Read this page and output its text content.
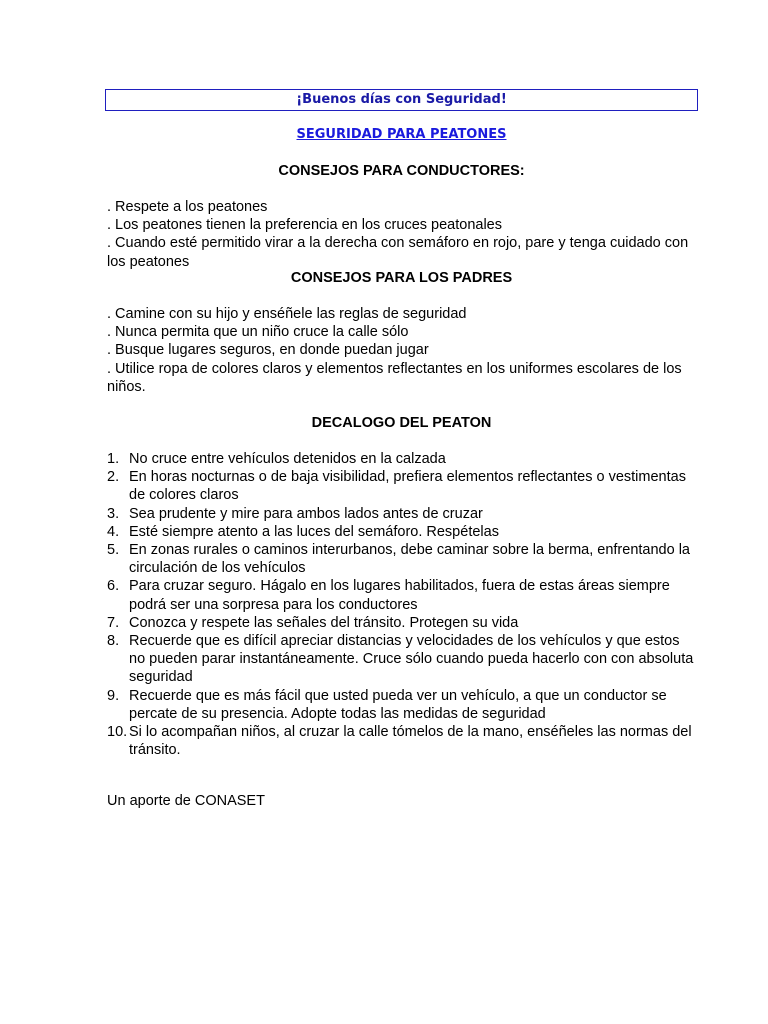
¡Buenos días con Seguridad!
SEGURIDAD PARA PEATONES
CONSEJOS PARA CONDUCTORES:

. Respete a los peatones

. Los peatones tienen la preferencia en los cruces peatonales

. Cuando esté permitido virar a la derecha con semáforo en rojo, pare y tenga cuidado con los peatones

CONSEJOS PARA LOS PADRES

. Camine con su hijo y enséñele las reglas de seguridad

. Nunca permita que un niño cruce la calle sólo

. Busque lugares seguros, en donde puedan jugar

. Utilice ropa de colores claros y elementos reflectantes en los uniformes escolares de los niños.

DECALOGO DEL PEATON
1. No cruce entre vehículos detenidos en la calzada
2. En horas nocturnas o de baja visibilidad, prefiera elementos reflectantes o vestimentas de colores claros
3. Sea prudente y mire para ambos lados antes de cruzar
4. Esté siempre atento a las luces del semáforo. Respételas
5. En zonas rurales o caminos interurbanos, debe caminar sobre la berma, enfrentando la circulación de los vehículos
6. Para cruzar seguro. Hágalo en los lugares habilitados, fuera de estas áreas siempre podrá ser una sorpresa para los conductores
7. Conozca y respete las señales del tránsito. Protegen su vida
8. Recuerde que es difícil apreciar distancias y velocidades de los vehículos y que estos no pueden parar instantáneamente. Cruce sólo cuando pueda hacerlo con con absoluta seguridad
9. Recuerde que es más fácil que usted pueda ver un vehículo, a que un conductor se percate de su presencia. Adopte todas las medidas de seguridad
10. Si lo acompañan niños, al cruzar la calle tómelos de la mano, enséñeles las normas del tránsito.
Un aporte de CONASET
